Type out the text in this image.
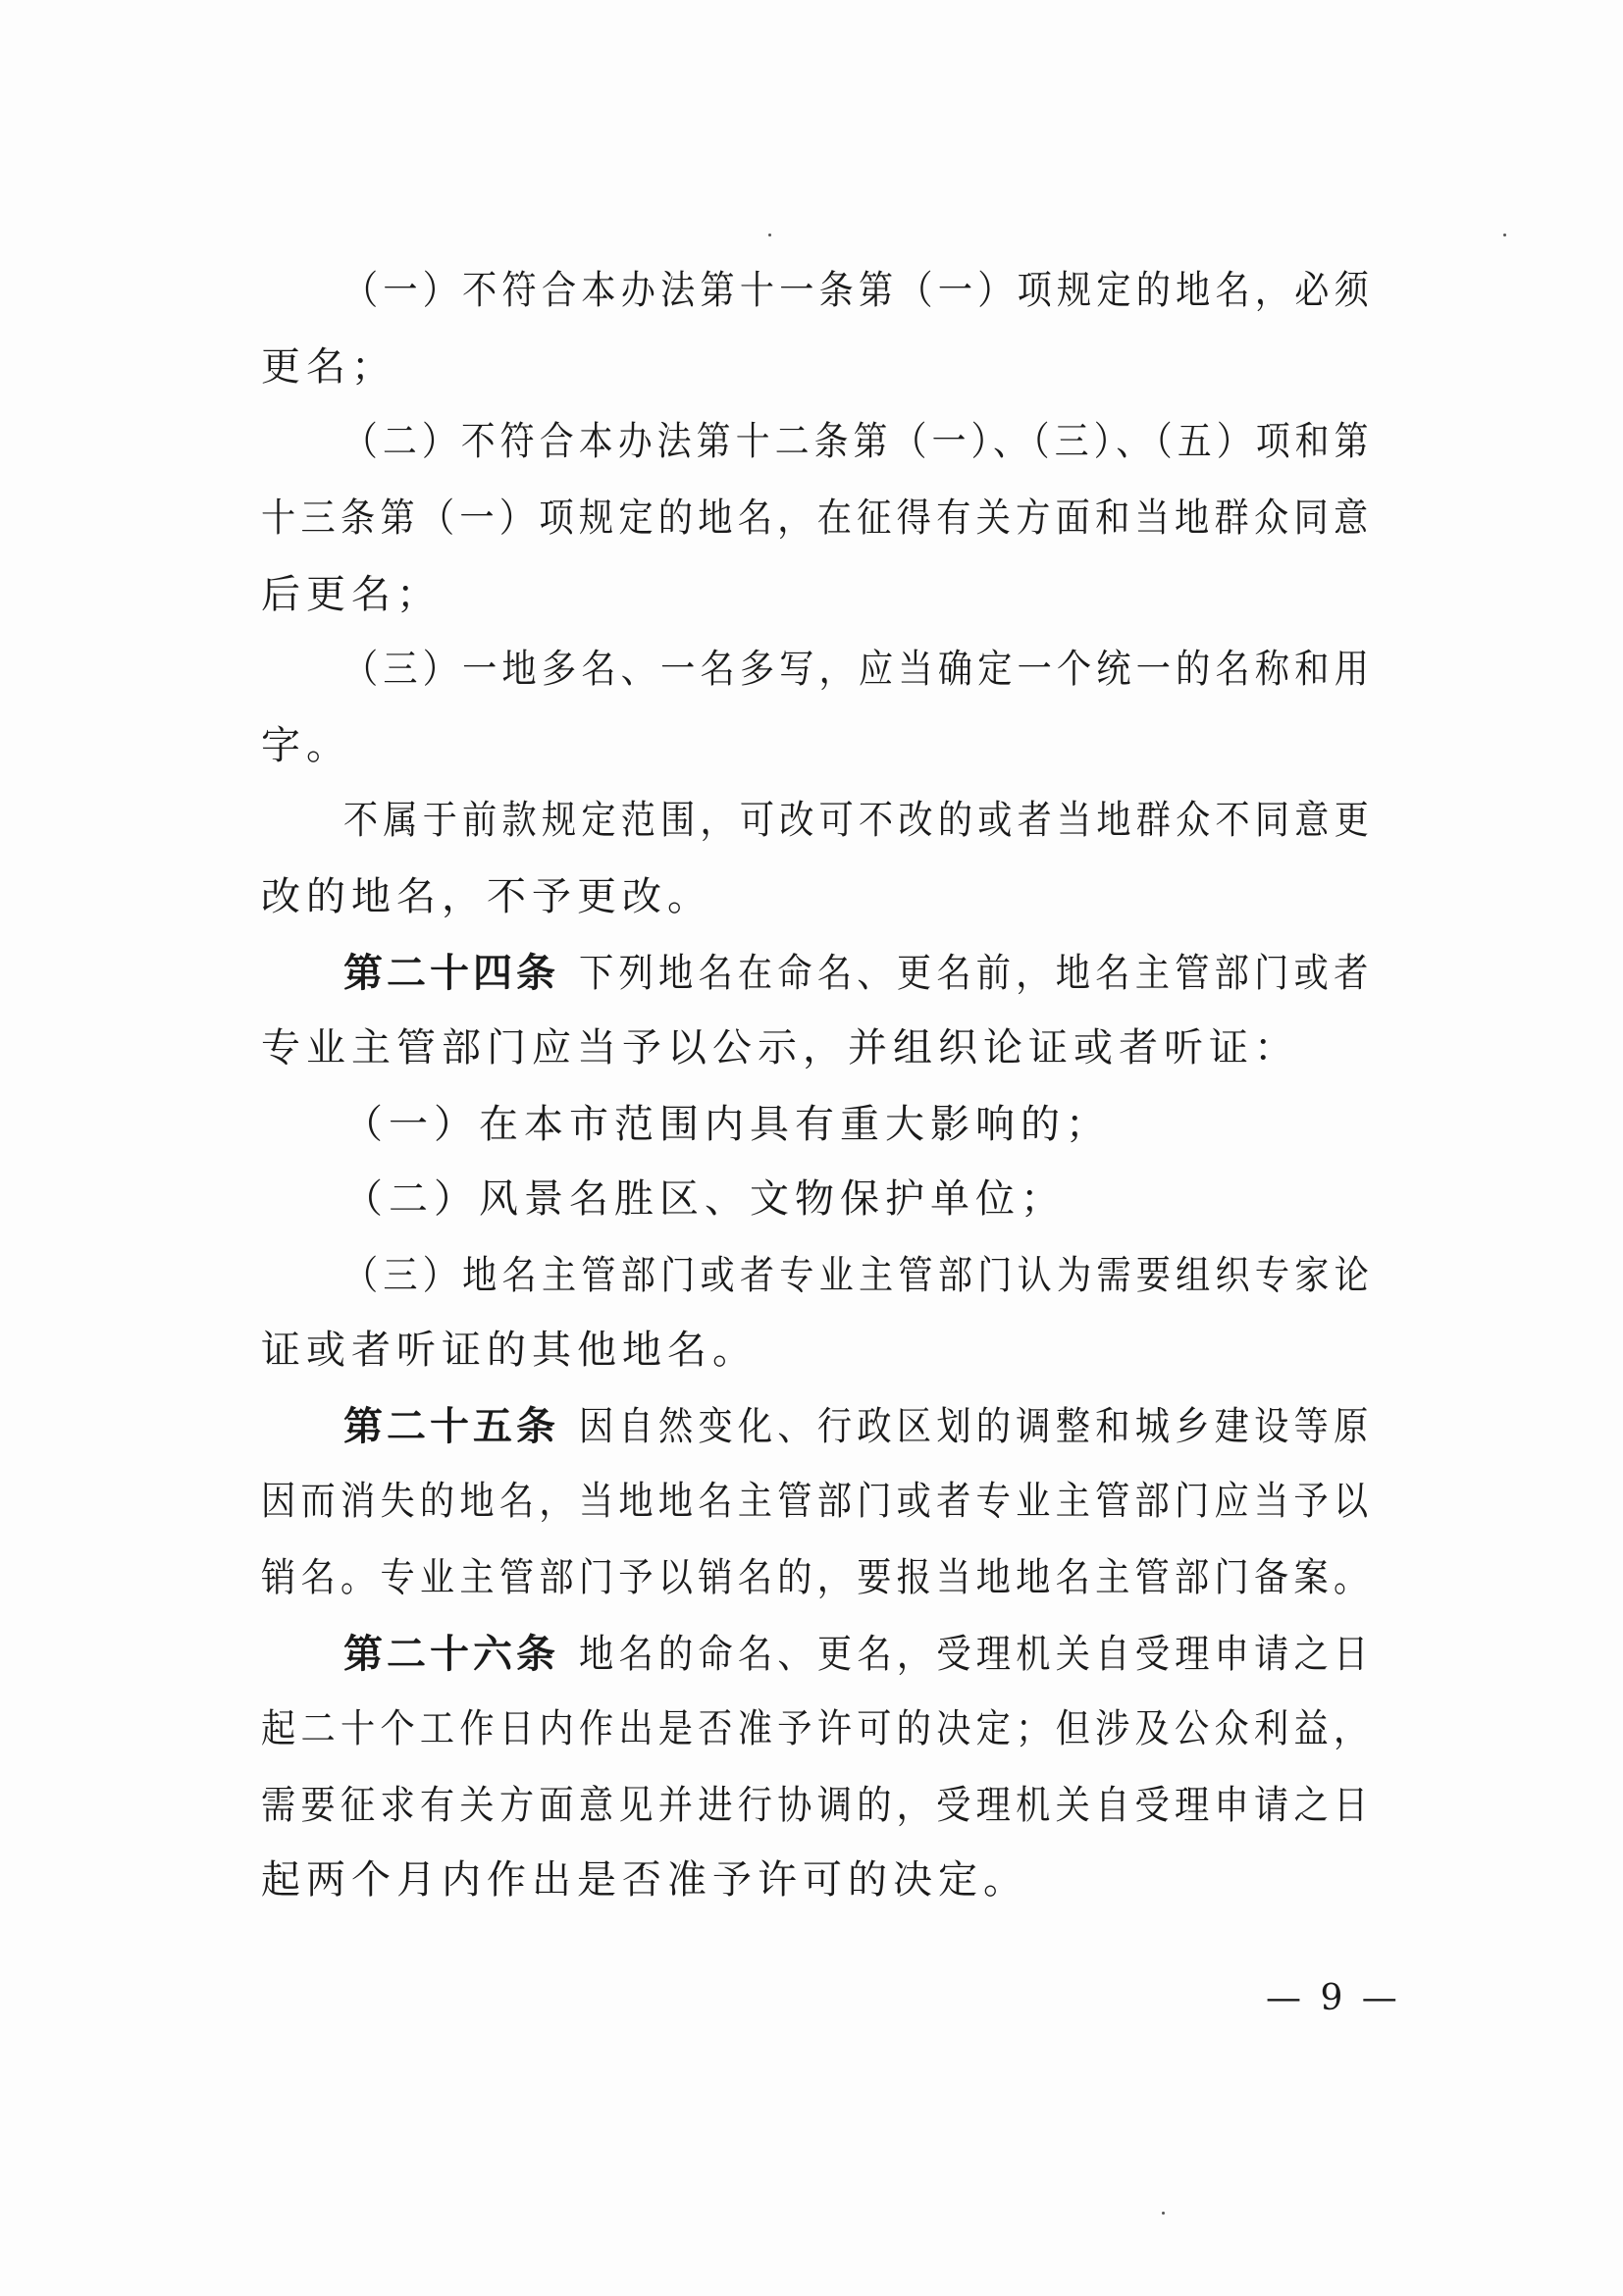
（一）不符合本办法第十一条第（一）项规定的地名，必须
更名；
（二）不符合本办法第十二条第（一）、（三）、（五）项和第
十三条第（一）项规定的地名，在征得有关方面和当地群众同意
后更名；
（三）一地多名、一名多写，应当确定一个统一的名称和用
字。
不属于前款规定范围，可改可不改的或者当地群众不同意更
改的地名，不予更改。
第二十四条 下列地名在命名、更名前，地名主管部门或者
专业主管部门应当予以公示，并组织论证或者听证：
（一）在本市范围内具有重大影响的；
（二）风景名胜区、文物保护单位；
（三）地名主管部门或者专业主管部门认为需要组织专家论
证或者听证的其他地名。
第二十五条 因自然变化、行政区划的调整和城乡建设等原
因而消失的地名，当地地名主管部门或者专业主管部门应当予以
销名。专业主管部门予以销名的，要报当地地名主管部门备案。
第二十六条 地名的命名、更名，受理机关自受理申请之日
起二十个工作日内作出是否准予许可的决定；但涉及公众利益，
需要征求有关方面意见并进行协调的，受理机关自受理申请之日
起两个月内作出是否准予许可的决定。
— 9 —
